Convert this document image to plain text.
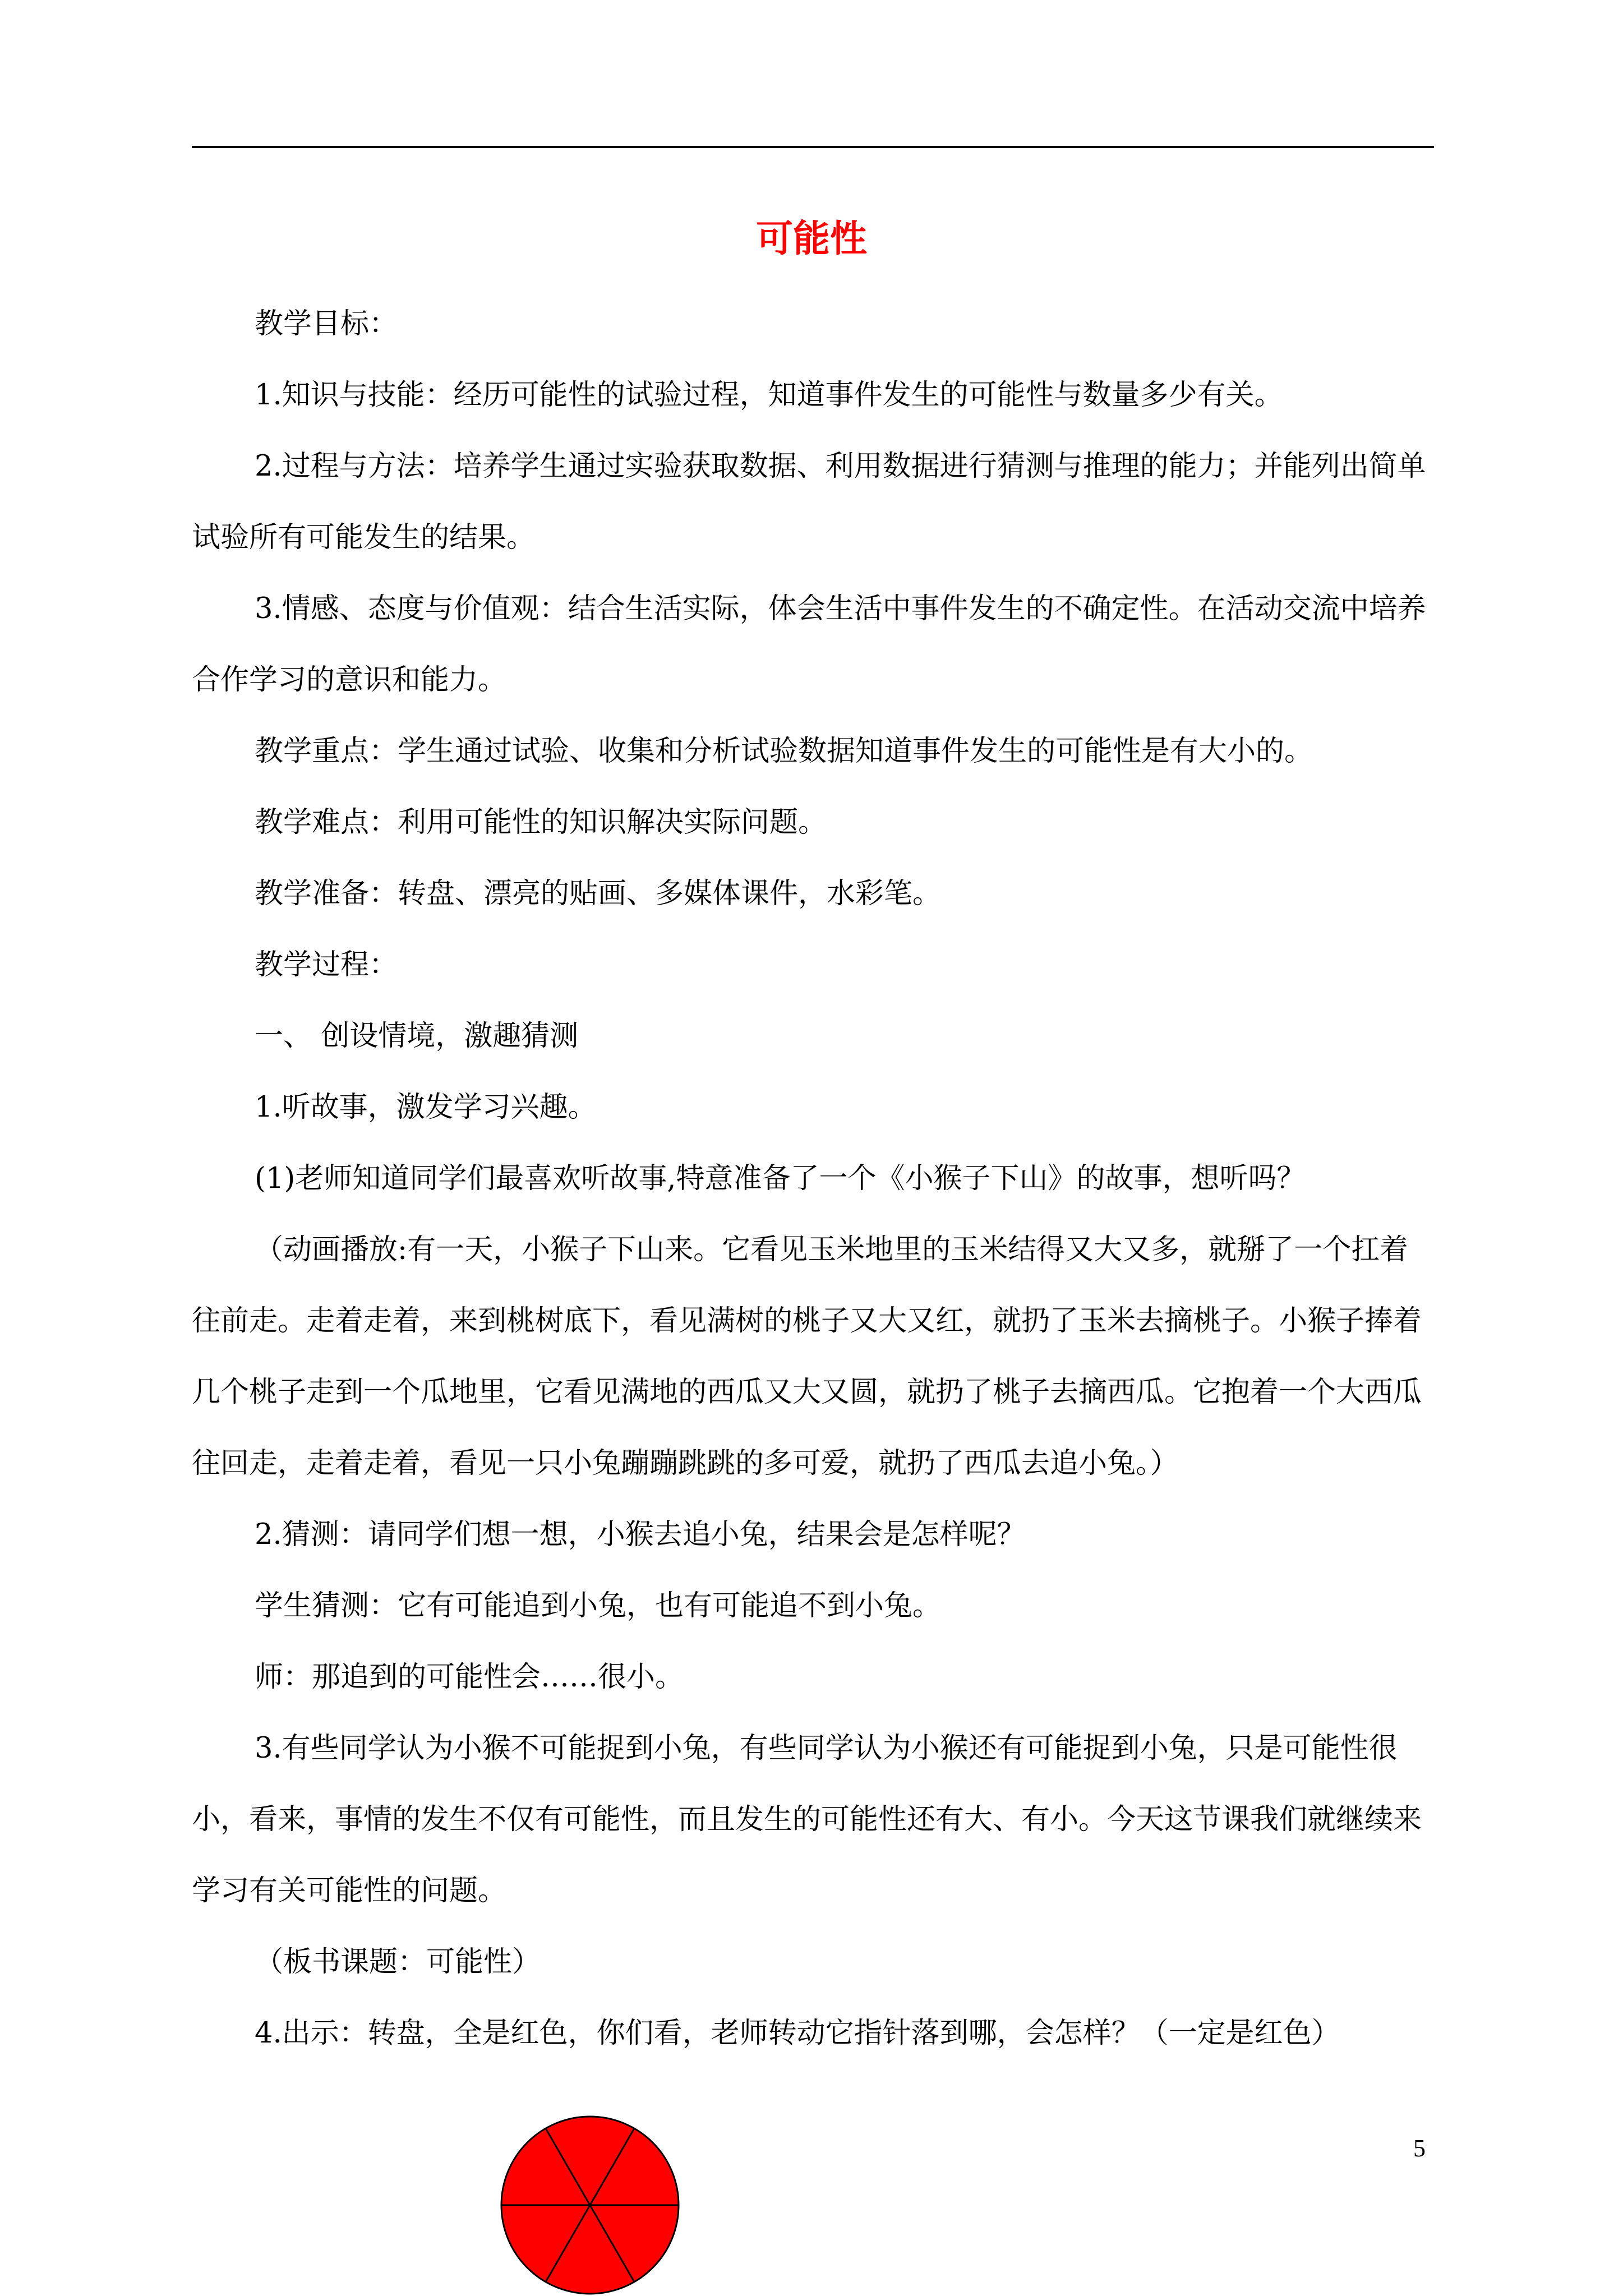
可能性

教学目标：

1.知识与技能：经历可能性的试验过程，知道事件发生的可能性与数量多少有关。

2.过程与方法：培养学生通过实验获取数据、利用数据进行猜测与推理的能力；并能列出简单试验所有可能发生的结果。

3.情感、态度与价值观：结合生活实际，体会生活中事件发生的不确定性。在活动交流中培养合作学习的意识和能力。

教学重点：学生通过试验、收集和分析试验数据知道事件发生的可能性是有大小的。

教学难点：利用可能性的知识解决实际问题。

教学准备：转盘、漂亮的贴画、多媒体课件，水彩笔。

教学过程：

一、 创设情境，激趣猜测

1.听故事，激发学习兴趣。

(1)老师知道同学们最喜欢听故事,特意准备了一个《小猴子下山》的故事，想听吗？

（动画播放:有一天，小猴子下山来。它看见玉米地里的玉米结得又大又多，就掰了一个扛着往前走。走着走着，来到桃树底下，看见满树的桃子又大又红，就扔了玉米去摘桃子。小猴子捧着几个桃子走到一个瓜地里，它看见满地的西瓜又大又圆，就扔了桃子去摘西瓜。它抱着一个大西瓜往回走，走着走着，看见一只小兔蹦蹦跳跳的多可爱，就扔了西瓜去追小兔。）

2.猜测：请同学们想一想，小猴去追小兔，结果会是怎样呢？

学生猜测：它有可能追到小兔，也有可能追不到小兔。

师：那追到的可能性会……很小。

3.有些同学认为小猴不可能捉到小兔，有些同学认为小猴还有可能捉到小兔，只是可能性很小，看来，事情的发生不仅有可能性，而且发生的可能性还有大、有小。今天这节课我们就继续来学习有关可能性的问题。

（板书课题：可能性）

4.出示：转盘，全是红色，你们看，老师转动它指针落到哪，会怎样？（一定是红色）

5
